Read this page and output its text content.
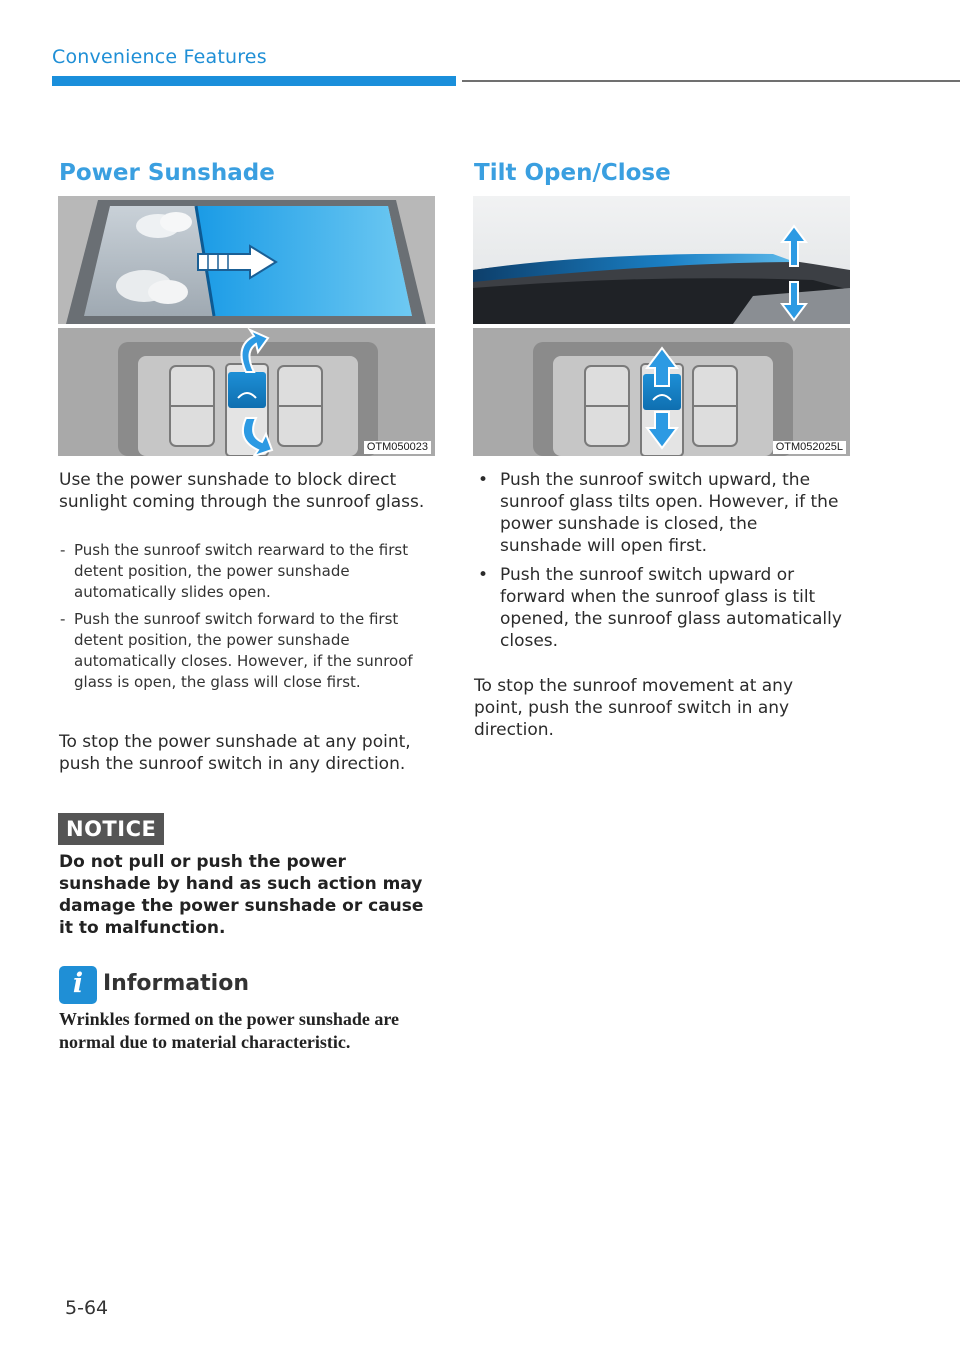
Convenience Features
Power Sunshade
OTM050023
Use the power sunshade to block direct sunlight coming through the sunroof glass.
- Push the sunroof switch rearward to the first detent position, the power sunshade automatically slides open.
- Push the sunroof switch forward to the first detent position, the power sunshade automatically closes. However, if the sunroof glass is open, the glass will close first.
To stop the power sunshade at any point, push the sunroof switch in any direction.
NOTICE
Do not pull or push the power sunshade by hand as such action may damage the power sunshade or cause it to malfunction.
i Information
Wrinkles formed on the power sunshade are normal due to material characteristic.
Tilt Open/Close
OTM052025L
• Push the sunroof switch upward, the sunroof glass tilts open. However, if the power sunshade is closed, the sunshade will open first.
• Push the sunroof switch upward or forward when the sunroof glass is tilt opened, the sunroof glass automatically closes.
To stop the sunroof movement at any point, push the sunroof switch in any direction.
5-64
